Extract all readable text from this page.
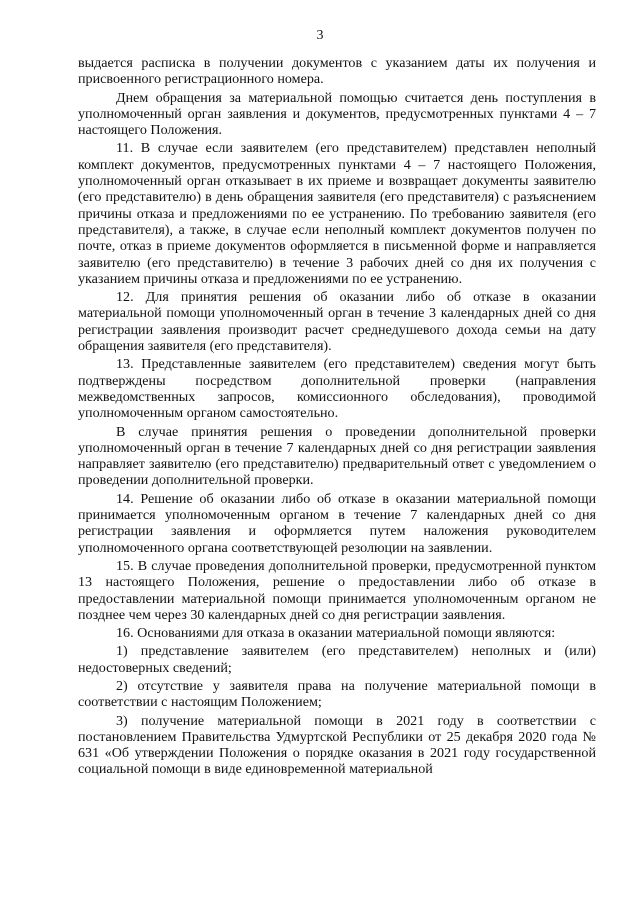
3

выдается расписка в получении документов с указанием даты их получения и присвоенного регистрационного номера.

Днем обращения за материальной помощью считается день поступления в уполномоченный орган заявления и документов, предусмотренных пунктами 4 – 7 настоящего Положения.

11. В случае если заявителем (его представителем) представлен неполный комплект документов, предусмотренных пунктами 4 – 7 настоящего Положения, уполномоченный орган отказывает в их приеме и возвращает документы заявителю (его представителю) в день обращения заявителя (его представителя) с разъяснением причины отказа и предложениями по ее устранению. По требованию заявителя (его представителя), а также, в случае если неполный комплект документов получен по почте, отказ в приеме документов оформляется в письменной форме и направляется заявителю (его представителю) в течение 3 рабочих дней со дня их получения с указанием причины отказа и предложениями по ее устранению.

12. Для принятия решения об оказании либо об отказе в оказании материальной помощи уполномоченный орган в течение 3 календарных дней со дня регистрации заявления производит расчет среднедушевого дохода семьи на дату обращения заявителя (его представителя).

13. Представленные заявителем (его представителем) сведения могут быть подтверждены посредством дополнительной проверки (направления межведомственных запросов, комиссионного обследования), проводимой уполномоченным органом самостоятельно.

В случае принятия решения о проведении дополнительной проверки уполномоченный орган в течение 7 календарных дней со дня регистрации заявления направляет заявителю (его представителю) предварительный ответ с уведомлением о проведении дополнительной проверки.

14. Решение об оказании либо об отказе в оказании материальной помощи принимается уполномоченным органом в течение 7 календарных дней со дня регистрации заявления и оформляется путем наложения руководителем уполномоченного органа соответствующей резолюции на заявлении.

15. В случае проведения дополнительной проверки, предусмотренной пунктом 13 настоящего Положения, решение о предоставлении либо об отказе в предоставлении материальной помощи принимается уполномоченным органом не позднее чем через 30 календарных дней со дня регистрации заявления.

16. Основаниями для отказа в оказании материальной помощи являются:

1) представление заявителем (его представителем) неполных и (или) недостоверных сведений;

2) отсутствие у заявителя права на получение материальной помощи в соответствии с настоящим Положением;

3) получение материальной помощи в 2021 году в соответствии с постановлением Правительства Удмуртской Республики от 25 декабря 2020 года № 631 «Об утверждении Положения о порядке оказания в 2021 году государственной социальной помощи в виде единовременной материальной
